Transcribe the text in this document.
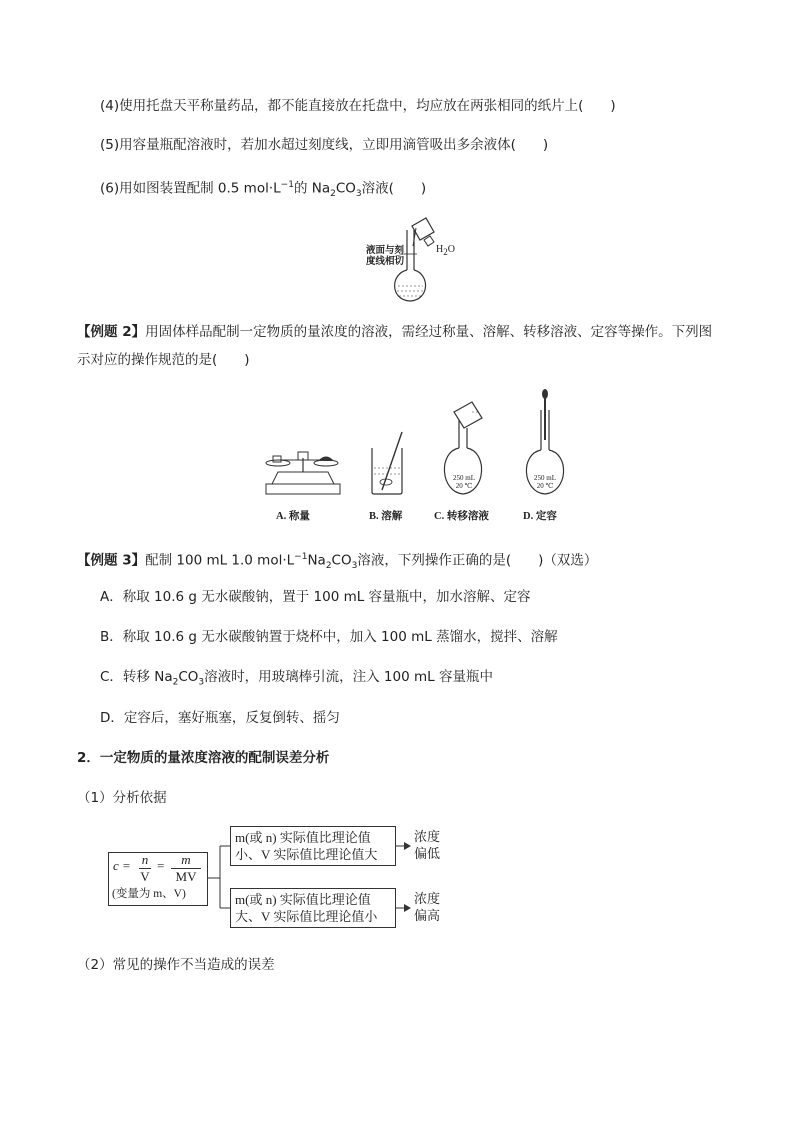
(4)使用托盘天平称量药品，都不能直接放在托盘中，均应放在两张相同的纸片上(　　)
(5)用容量瓶配溶液时，若加水超过刻度线，立即用滴管吸出多余液体(　　)
(6)用如图装置配制 0.5 $mol\cdot L^{-1}$的 $Na_2CO_3$溶液(　　)
液面与刻
度线相切
$H_2O$
【例题 2】用固体样品配制一定物质的量浓度的溶液，需经过称量、溶解、转移溶液、定容等操作。下列图
示对应的操作规范的是(　　)
250 mL
20 ℃
250 mL
20 ℃
A. 称量	B. 溶解	C. 转移溶液	D. 定容
【例题 3】配制 100 mL 1.0 $mol\cdot L^{-1}Na_2CO_3$溶液，下列操作正确的是(　　)（双选）
A．称取 10.6 g 无水碳酸钠，置于 100 mL 容量瓶中，加水溶解、定容
B．称取 10.6 g 无水碳酸钠置于烧杯中，加入 100 mL 蒸馏水，搅拌、溶解
C．转移 $Na_2CO_3$溶液时，用玻璃棒引流，注入 100 mL 容量瓶中
D．定容后，塞好瓶塞，反复倒转、摇匀
2．一定物质的量浓度溶液的配制误差分析
（1）分析依据
c = n
V
=	m
MV
(变量为 m、V)
m(或 n) 实际值比理论值
小、V 实际值比理论值大
m(或 n) 实际值比理论值
大、V 实际值比理论值小
浓度
偏低
浓度
偏高
（2）常见的操作不当造成的误差
